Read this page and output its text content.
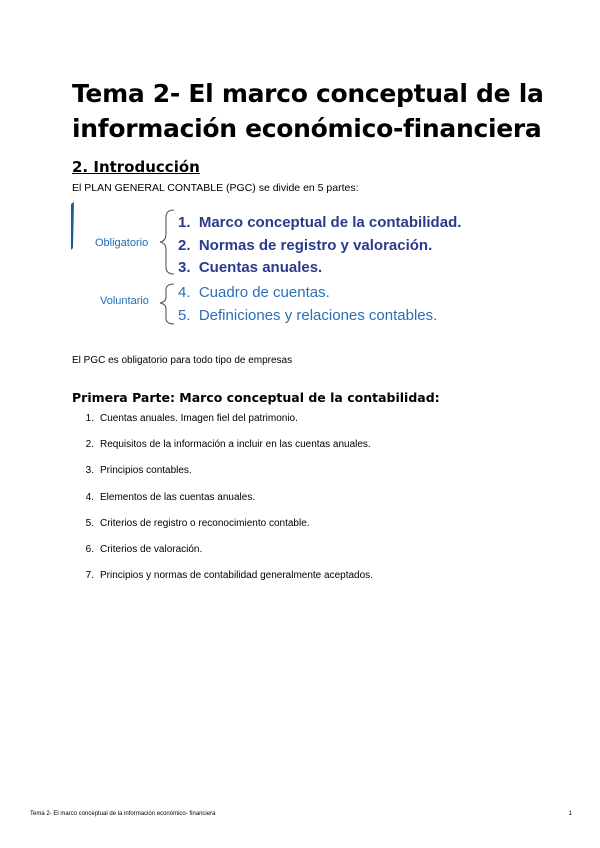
Tema 2- El marco conceptual de la información económico-financiera
2. Introducción

El PLAN GENERAL CONTABLE (PGC) se divide en 5 partes:

Obligatorio
Voluntario
1.  Marco conceptual de la contabilidad.
2.  Normas de registro y valoración.
3.  Cuentas anuales.
4.  Cuadro de cuentas.
5.  Definiciones y relaciones contables.

El PGC es obligatorio para todo tipo de empresas

Primera Parte: Marco conceptual de la contabilidad:
1. Cuentas anuales. Imagen fiel del patrimonio.
2. Requisitos de la información a incluir en las cuentas anuales.
3. Principios contables.
4. Elementos de las cuentas anuales.
5. Criterios de registro o reconocimiento contable.
6. Criterios de valoración.
7. Principios y normas de contabilidad generalmente aceptados.
Tema 2- El marco conceptual de la información económico- financiera	1
